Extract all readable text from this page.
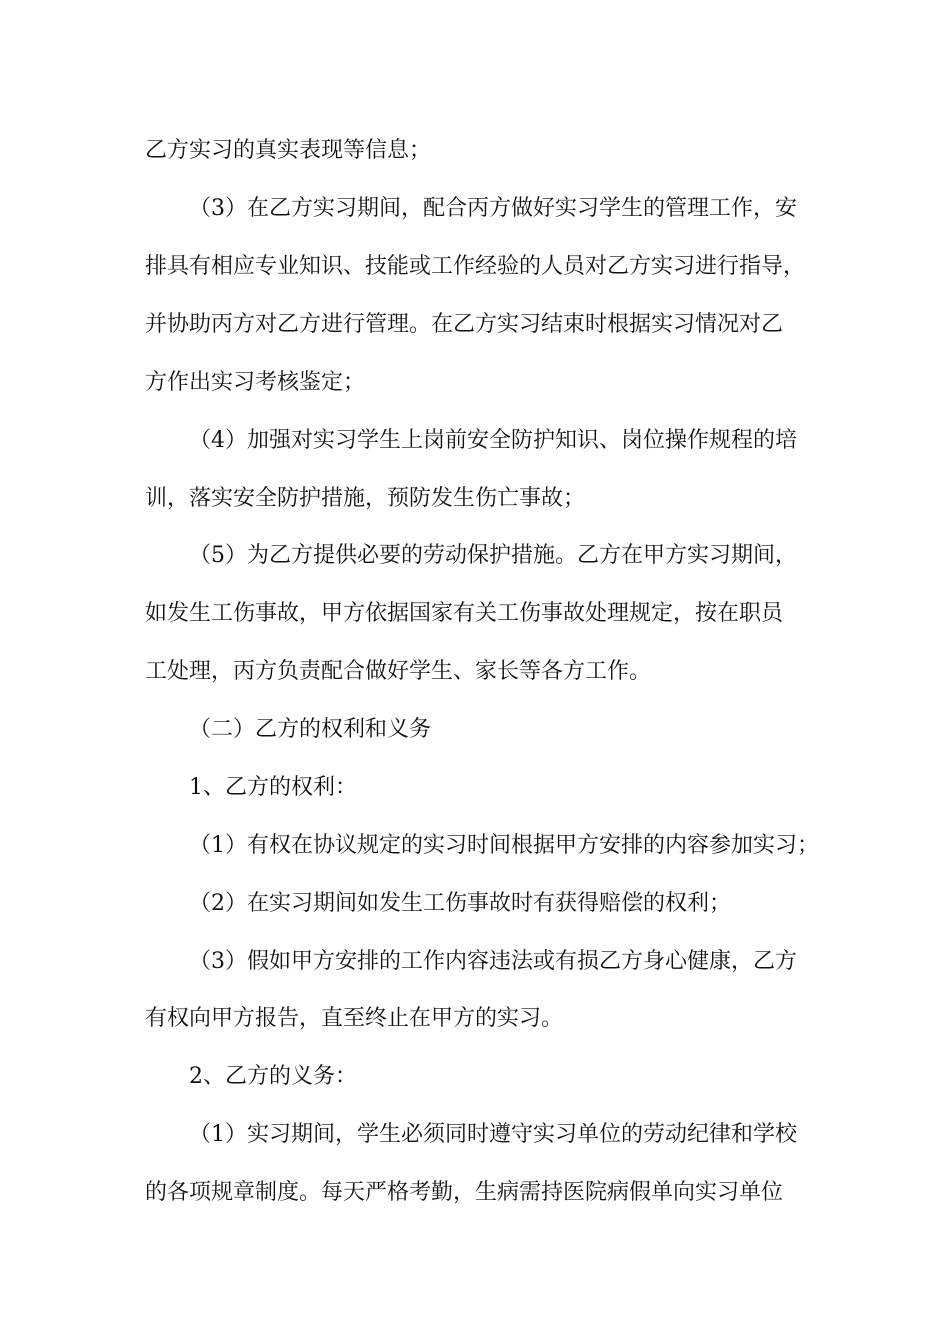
乙方实习的真实表现等信息；
（3）在乙方实习期间，配合丙方做好实习学生的管理工作，安
排具有相应专业知识、技能或工作经验的人员对乙方实习进行指导，
并协助丙方对乙方进行管理。在乙方实习结束时根据实习情况对乙
方作出实习考核鉴定；
（4）加强对实习学生上岗前安全防护知识、岗位操作规程的培
训，落实安全防护措施，预防发生伤亡事故；
（5）为乙方提供必要的劳动保护措施。乙方在甲方实习期间，
如发生工伤事故，甲方依据国家有关工伤事故处理规定，按在职员
工处理，丙方负责配合做好学生、家长等各方工作。
（二）乙方的权利和义务
1、乙方的权利：
（1）有权在协议规定的实习时间根据甲方安排的内容参加实习；
（2）在实习期间如发生工伤事故时有获得赔偿的权利；
（3）假如甲方安排的工作内容违法或有损乙方身心健康，乙方
有权向甲方报告，直至终止在甲方的实习。
2、乙方的义务：
（1）实习期间，学生必须同时遵守实习单位的劳动纪律和学校
的各项规章制度。每天严格考勤，生病需持医院病假单向实习单位
